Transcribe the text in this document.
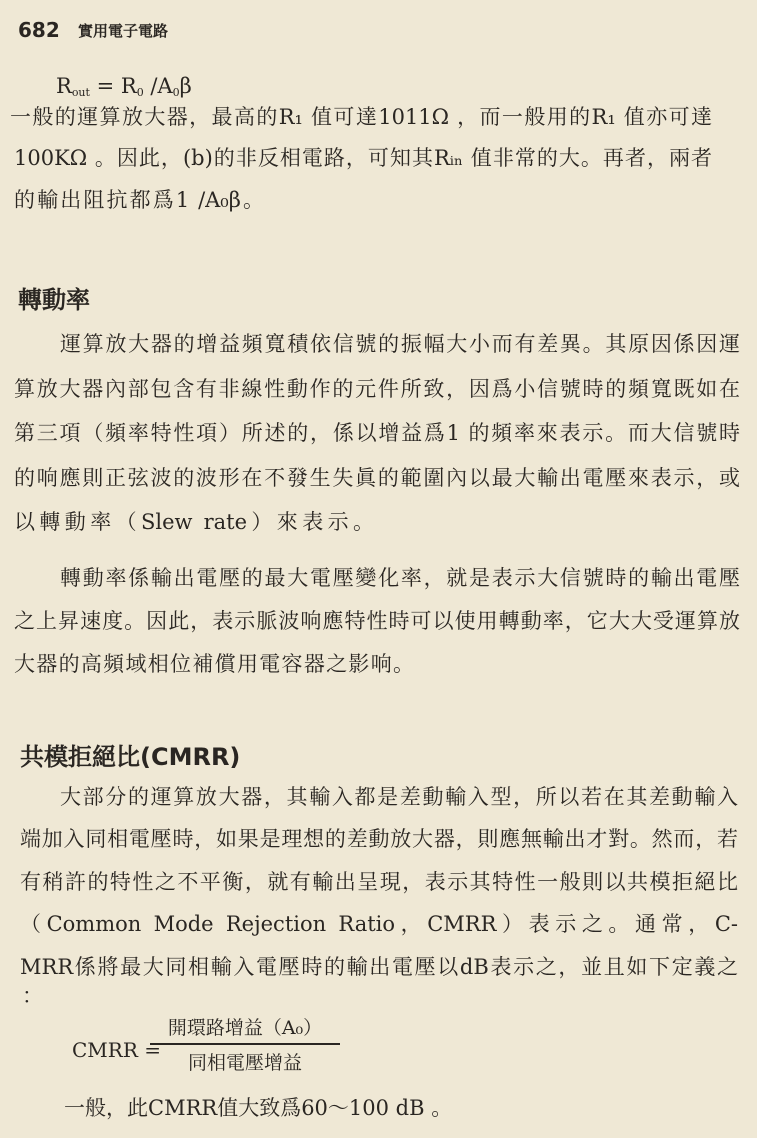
682 實用電子電路
$R_{out} = R_0$ $/A_0\beta$
一般的運算放大器，最高的R₁ 值可達1011Ω ，而一般用的R₁ 值亦可達
100KΩ 。因此，(b)的非反相電路，可知其Rᵢₙ 值非常的大。再者，兩者
的輸出阻抗都爲1 /A₀β。
轉動率
運算放大器的增益頻寬積依信號的振幅大小而有差異。其原因係因運
算放大器內部包含有非線性動作的元件所致，因爲小信號時的頻寬既如在
第三項（頻率特性項）所述的，係以增益爲1 的頻率來表示。而大信號時
的响應則正弦波的波形在不發生失眞的範圍內以最大輸出電壓來表示，或
以轉動率（Slew rate）來表示。
轉動率係輸出電壓的最大電壓變化率，就是表示大信號時的輸出電壓
之上昇速度。因此，表示脈波响應特性時可以使用轉動率，它大大受運算放
大器的高頻域相位補償用電容器之影响。
共模拒絕比(CMRR)
大部分的運算放大器，其輸入都是差動輸入型，所以若在其差動輸入
端加入同相電壓時，如果是理想的差動放大器，則應無輸出才對。然而，若
有稍許的特性之不平衡，就有輸出呈現，表示其特性一般則以共模拒絕比
（Common Mode Rejection Ratio，CMRR）表示之。通常，C-
MRR係將最大同相輸入電壓時的輸出電壓以dB表示之，並且如下定義之
：
CMRR =
開環路增益（A₀）
同相電壓增益
一般，此CMRR值大致爲60～100 dB 。
